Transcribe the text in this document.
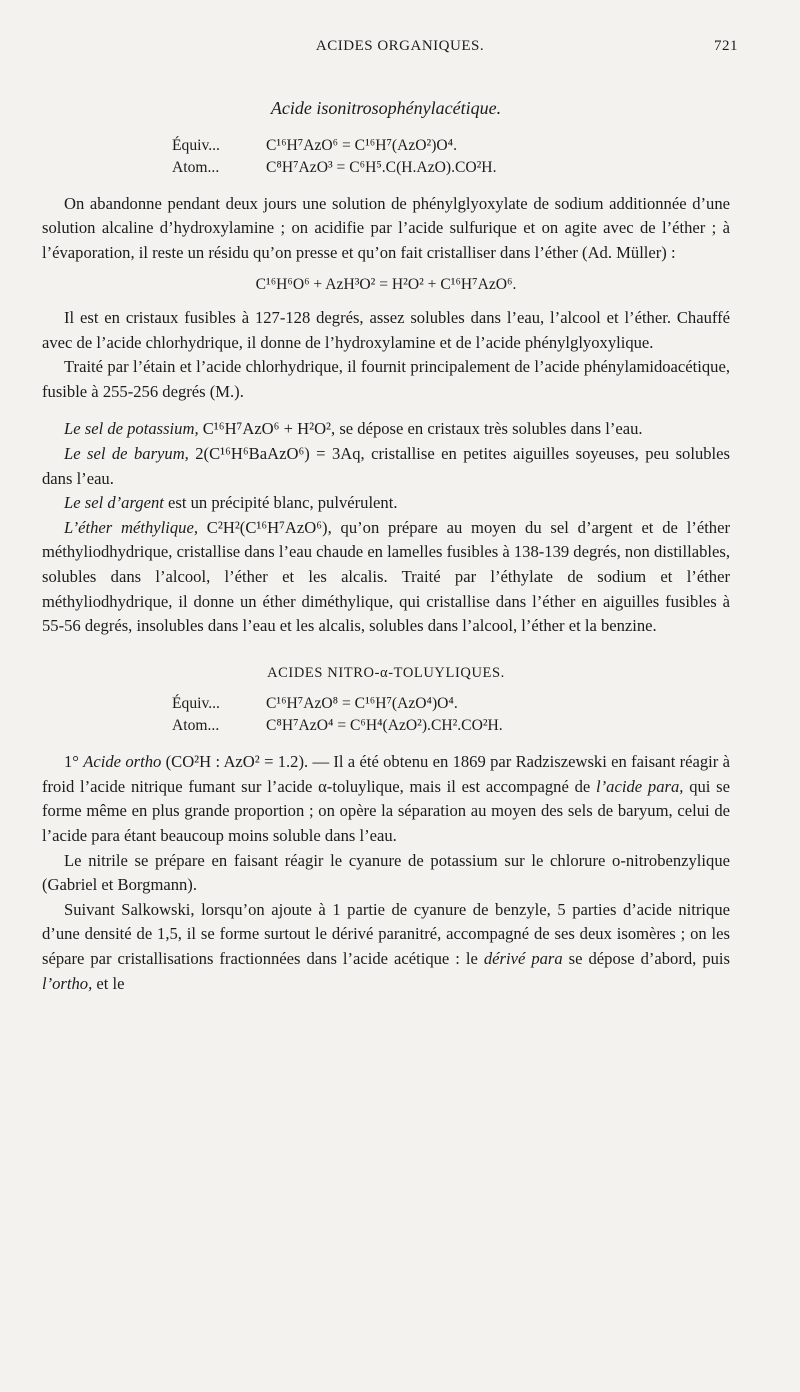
ACIDES ORGANIQUES.	721

Acide isonitrosophénylacétique.

Équiv...	C¹⁶H⁷AzO⁶ = C¹⁶H⁷(AzO²)O⁴.
Atom...	C⁸H⁷AzO³ = C⁶H⁵.C(H.AzO).CO²H.

On abandonne pendant deux jours une solution de phénylglyoxylate de sodium additionnée d’une solution alcaline d’hydroxylamine ; on acidifie par l’acide sulfurique et on agite avec de l’éther ; à l’évaporation, il reste un résidu qu’on presse et qu’on fait cristalliser dans l’éther (Ad. Müller) :

C¹⁶H⁶O⁶ + AzH³O² = H²O² + C¹⁶H⁷AzO⁶.

Il est en cristaux fusibles à 127-128 degrés, assez solubles dans l’eau, l’alcool et l’éther. Chauffé avec de l’acide chlorhydrique, il donne de l’hydroxylamine et de l’acide phénylglyoxylique.

Traité par l’étain et l’acide chlorhydrique, il fournit principalement de l’acide phénylamidoacétique, fusible à 255-256 degrés (M.).

Le sel de potassium, C¹⁶H⁷AzO⁶ + H²O², se dépose en cristaux très solubles dans l’eau.

Le sel de baryum, 2(C¹⁶H⁶BaAzO⁶) = 3Aq, cristallise en petites aiguilles soyeuses, peu solubles dans l’eau.

Le sel d’argent est un précipité blanc, pulvérulent.

L’éther méthylique, C²H²(C¹⁶H⁷AzO⁶), qu’on prépare au moyen du sel d’argent et de l’éther méthyliodhydrique, cristallise dans l’eau chaude en lamelles fusibles à 138-139 degrés, non distillables, solubles dans l’alcool, l’éther et les alcalis. Traité par l’éthylate de sodium et l’éther méthyliodhydrique, il donne un éther diméthylique, qui cristallise dans l’éther en aiguilles fusibles à 55-56 degrés, insolubles dans l’eau et les alcalis, solubles dans l’alcool, l’éther et la benzine.

ACIDES NITRO-α-TOLUYLIQUES.

Équiv...	C¹⁶H⁷AzO⁸ = C¹⁶H⁷(AzO⁴)O⁴.
Atom...	C⁸H⁷AzO⁴ = C⁶H⁴(AzO²).CH².CO²H.

1° Acide ortho (CO²H : AzO² = 1.2). — Il a été obtenu en 1869 par Radziszewski en faisant réagir à froid l’acide nitrique fumant sur l’acide α-toluylique, mais il est accompagné de l’acide para, qui se forme même en plus grande proportion ; on opère la séparation au moyen des sels de baryum, celui de l’acide para étant beaucoup moins soluble dans l’eau.

Le nitrile se prépare en faisant réagir le cyanure de potassium sur le chlorure o-nitrobenzylique (Gabriel et Borgmann).

Suivant Salkowski, lorsqu’on ajoute à 1 partie de cyanure de benzyle, 5 parties d’acide nitrique d’une densité de 1,5, il se forme surtout le dérivé paranitré, accompagné de ses deux isomères ; on les sépare par cristallisations fractionnées dans l’acide acétique : le dérivé para se dépose d’abord, puis l’ortho, et le
